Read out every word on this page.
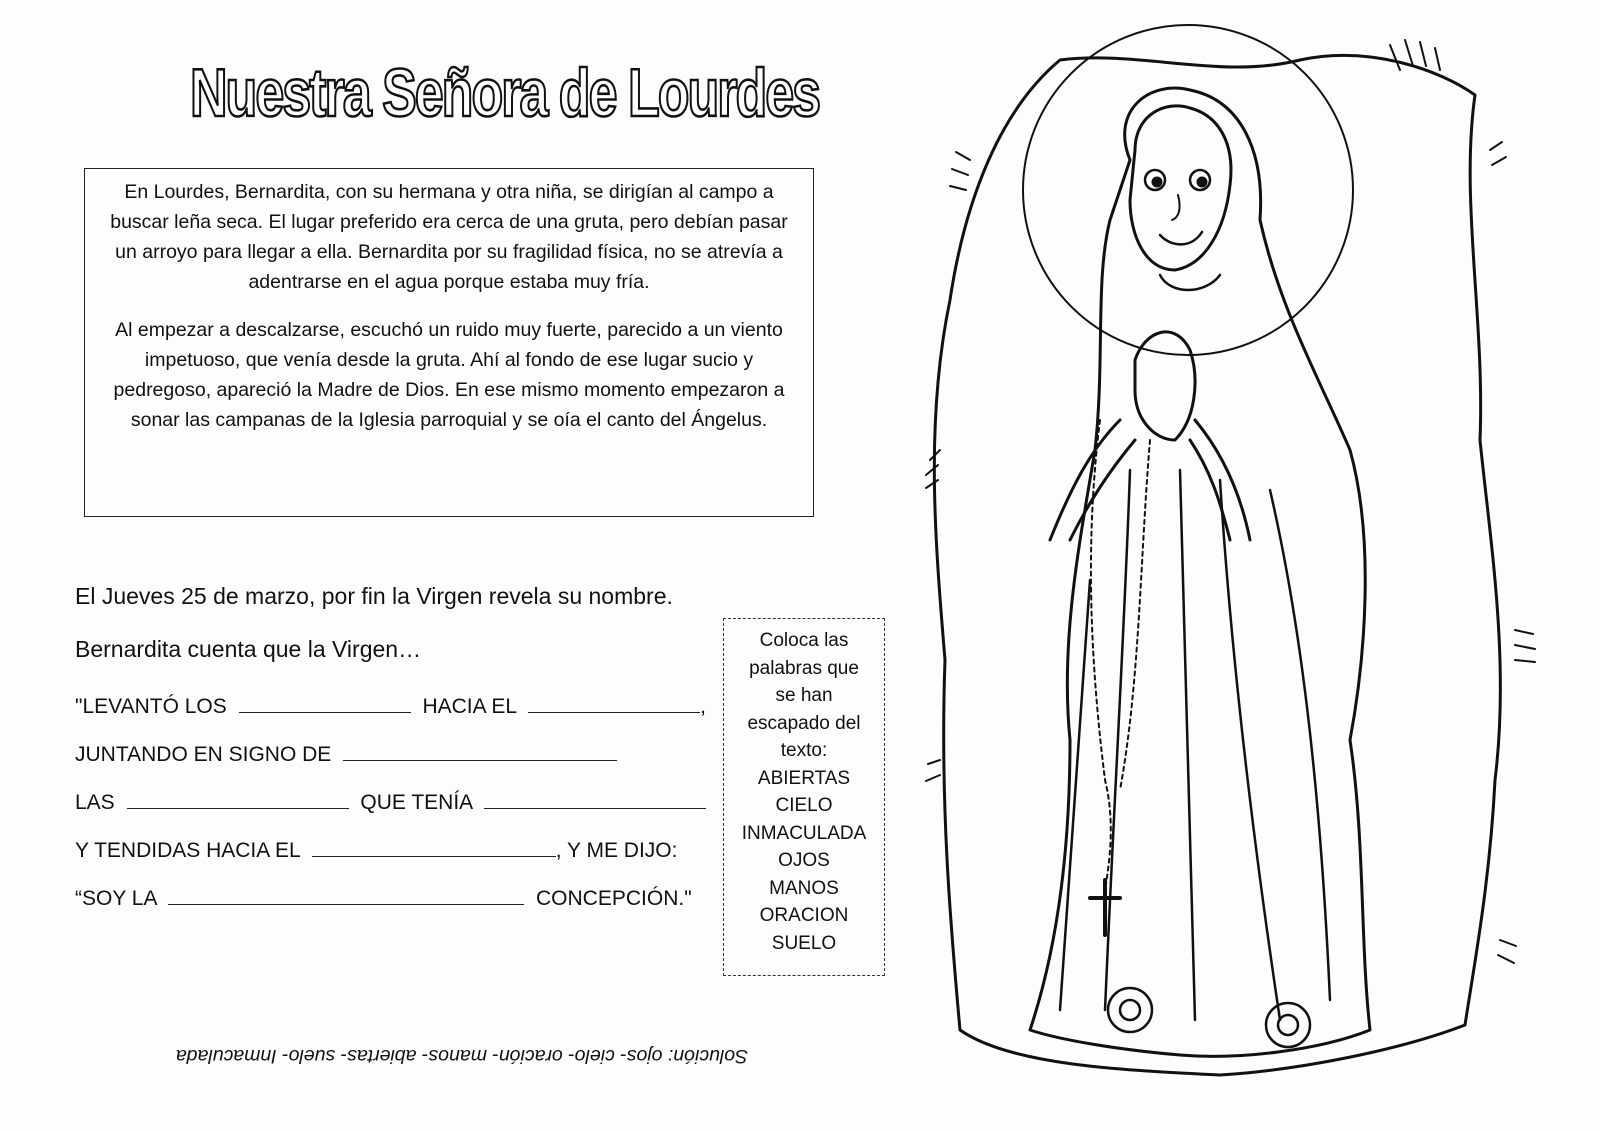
Nuestra Señora de Lourdes

En Lourdes, Bernardita, con su hermana y otra niña, se dirigían al campo a buscar leña seca. El lugar preferido era cerca de una gruta, pero debían pasar un arroyo para llegar a ella. Bernardita por su fragilidad física, no se atrevía a adentrarse en el agua porque estaba muy fría.

Al empezar a descalzarse, escuchó un ruido muy fuerte, parecido a un viento impetuoso, que venía desde la gruta. Ahí al fondo de ese lugar sucio y pedregoso, apareció la Madre de Dios. En ese mismo momento empezaron a sonar las campanas de la Iglesia parroquial y se oía el canto del Ángelus.

El Jueves 25 de marzo, por fin la Virgen revela su nombre.
Bernardita cuenta que la Virgen…
"LEVANTÓ LOS	HACIA EL	,
JUNTANDO EN SIGNO DE
LAS	QUE TENÍA
Y TENDIDAS HACIA EL	, Y ME DIJO:
“SOY LA	CONCEPCIÓN."
Coloca las
palabras que
se han
escapado del
texto:
ABIERTAS
CIELO
INMACULADA
OJOS
MANOS
ORACION
SUELO
Solución: ojos- cielo- oración- manos- abiertas- suelo- Inmaculada
